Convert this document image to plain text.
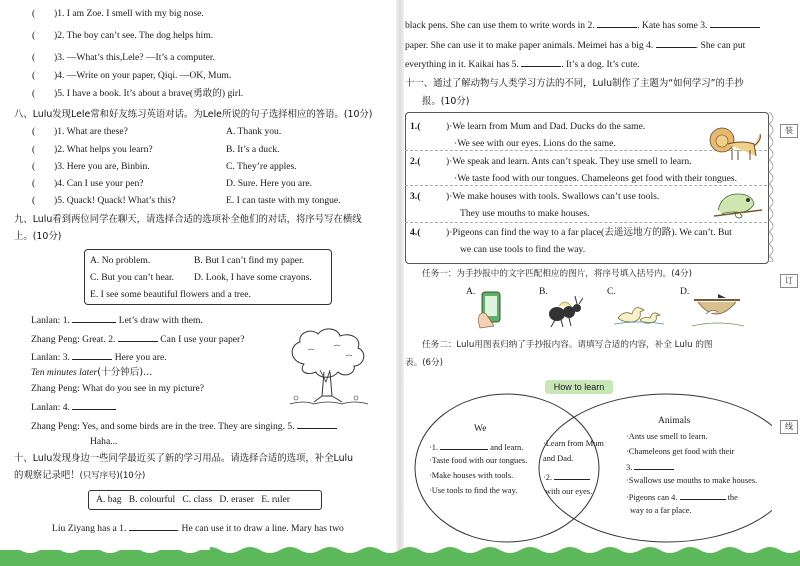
( )1. I am Zoe. I smell with my big nose.
( )2. The boy can’t see. The dog helps him.
( )3. —What’s this,Lele? —It’s a computer.
( )4. —Write on your paper, Qiqi. —OK, Mum.
( )5. I have a book. It’s about a brave(勇敢的) girl.
八、Lulu发现Lele常和好友练习英语对话。为Lele所说的句子选择相应的答语。(10分)
( )1. What are these?	A. Thank you.
( )2. What helps you learn?	B. It’s a duck.
( )3. Here you are, Binbin.	C. They’re apples.
( )4. Can I use your pen?	D. Sure. Here you are.
( )5. Quack! Quack! What’s this?	E. I can taste with my tongue.
九、Lulu看到两位同学在聊天，请选择合适的选项补全他们的对话，将序号写在横线
上。(10分)
A. No problem.	B. But I can’t find my paper.
C. But you can’t hear. D. Look, I have some crayons.
E. I see some beautiful flowers and a tree.
Lanlan: 1.	Let’s draw with them.
Zhang Peng: Great. 2.	Can I use your paper?
Lanlan: 3.	Here you are.
Ten minutes later(十分钟后)...
Zhang Peng: What do you see in my picture?
Lanlan: 4.
Zhang Peng: Yes, and some birds are in the tree. They are singing. 5.
Haha...
十、Lulu发现身边一些同学最近买了新的学习用品。请选择合适的选项，补全Lulu
的观察记录吧！(只写序号)(10分)
A. bag   B. colourful   C. class   D. eraser   E. ruler
Liu Ziyang has a 1.	. He can use it to draw a line. Mary has two
black pens. She can use them to write words in 2.	. Kate has some 3.
paper. She can use it to make paper animals. Meimei has a big 4.	. She can put
everything in it. Kaikai has 5.	. It’s a dog. It’s cute.
十一、通过了解动物与人类学习方法的不同，Lulu制作了主题为“如何学习”的手抄
报。(10分)
1.(	)·We learn from Mum and Dad. Ducks do the same.
·We see with our eyes. Lions do the same.
2.(	)·We speak and learn. Ants can’t speak. They use smell to learn.
·We taste food with our tongues. Chameleons get food with their tongues.
3.(	)·We make houses with tools. Swallows can’t use tools.
They use mouths to make houses.
4.(	)·Pigeons can find the way to a far place(去遥远地方的路). We can’t. But
we can use tools to find the way.
任务一：为手抄报中的文字匹配相应的图片，将序号填入括号内。(4分)
A.	B.	C.	D.
任务二：Lulu用图表归纳了手抄报内容。请填写合适的内容，补全 Lulu 的图
表。(6分)
How to learn
We
·1.	and learn.
·Taste food with our tongues.
·Make houses with tools.
·Use tools to find the way.
·Learn from Mum
and Dad.
·2.
with our eyes.
Animals
·Ants use smell to learn.
·Chameleons get food with their
3.
·Swallows use mouths to make houses.
·Pigeons can 4.	the
way to a far place.
装
订
线
